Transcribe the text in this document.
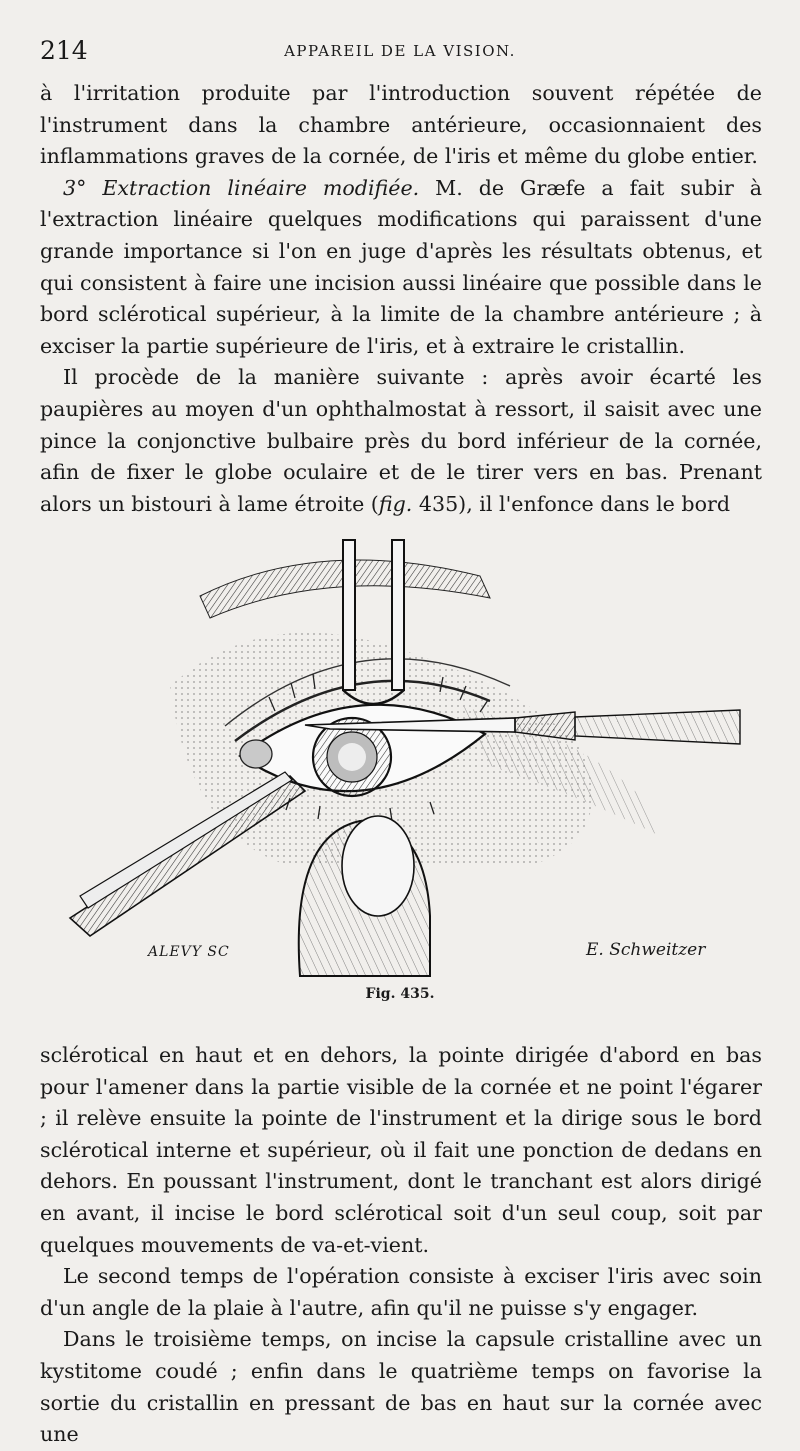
214	APPAREIL DE LA VISION.

à l'irritation produite par l'introduction souvent répétée de l'instrument dans la chambre antérieure, occasionnaient des inflammations graves de la cornée, de l'iris et même du globe entier.

3° Extraction linéaire modifiée. M. de Græfe a fait subir à l'extraction linéaire quelques modifications qui paraissent d'une grande importance si l'on en juge d'après les résultats obtenus, et qui consistent à faire une incision aussi linéaire que possible dans le bord sclérotical supérieur, à la limite de la chambre antérieure ; à exciser la partie supérieure de l'iris, et à extraire le cristallin.

Il procède de la manière suivante : après avoir écarté les paupières au moyen d'un ophthalmostat à ressort, il saisit avec une pince la conjonctive bulbaire près du bord inférieur de la cornée, afin de fixer le globe oculaire et de le tirer vers en bas. Prenant alors un bistouri à lame étroite (fig. 435), il l'enfonce dans le bord

ALEVY SC	E. Schweitzer
Fig. 435.

sclérotical en haut et en dehors, la pointe dirigée d'abord en bas pour l'amener dans la partie visible de la cornée et ne point l'égarer ; il relève ensuite la pointe de l'instrument et la dirige sous le bord sclérotical interne et supérieur, où il fait une ponction de dedans en dehors. En poussant l'instrument, dont le tranchant est alors dirigé en avant, il incise le bord sclérotical soit d'un seul coup, soit par quelques mouvements de va-et-vient.

Le second temps de l'opération consiste à exciser l'iris avec soin d'un angle de la plaie à l'autre, afin qu'il ne puisse s'y engager.

Dans le troisième temps, on incise la capsule cristalline avec un kystitome coudé ; enfin dans le quatrième temps on favorise la sortie du cristallin en pressant de bas en haut sur la cornée avec une
